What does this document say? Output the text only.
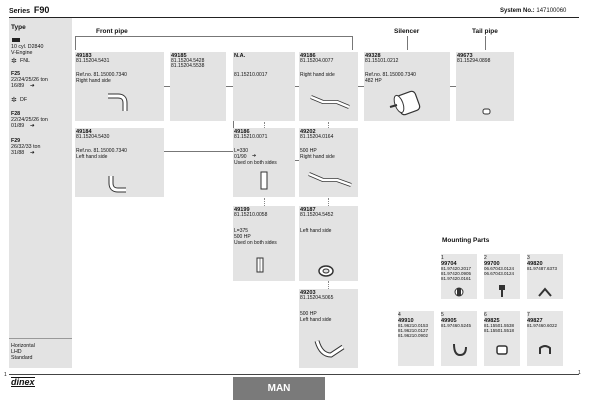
Series F90	System No.: 147100060
1	1
Type
10 cyl. D2840
V-Engine
✲ FNL
F25
22/24/25/26 ton
16/89 ➔
✲ DF
F28
22/24/25/26 ton
01/89 ➔
F29
26/32/33 ton
31/88 ➔
Horizontal
LHD
Standard
Front pipe	Silencer	Tail pipe
49183
81.15204.5431
Ref.no. 81.15000.7340
Right hand side
49185
81.15204.5428
81.15204.5538
N.A.
81.15210.0017
49186
81.15204.0077
Right hand side
49328
81.15101.0212
Ref.no. 81.15000.7340
482 HP
49673
81.15294.0898
49184
81.15204.5430
Ref.no. 81.15000.7340
Left hand side
49186
81.15210.0071
L=330
01/90
Used on both sides
➔
49202
81.15204.0164
500 HP
Right hand side
49199
81.15210.0058
L=375
500 HP
Used on both sides
49187
81.15204.5452
Left hand side
49203
81.15204.5065
500 HP
Left hand side
Mounting Parts
1
99704
81.97420.2017
81.97420.0905
81.97420.0161
2
99700
06.67043.0124
06.67043.0124
3
49820
81.97487.6373
4
49910
81.96210.0153
81.96210.0127
81.96210.0902
5
49905
81.97460.5245
6
49825
81.15501.5538
81.15501.5518
7
49827
81.97460.6022
dinex
MAN
